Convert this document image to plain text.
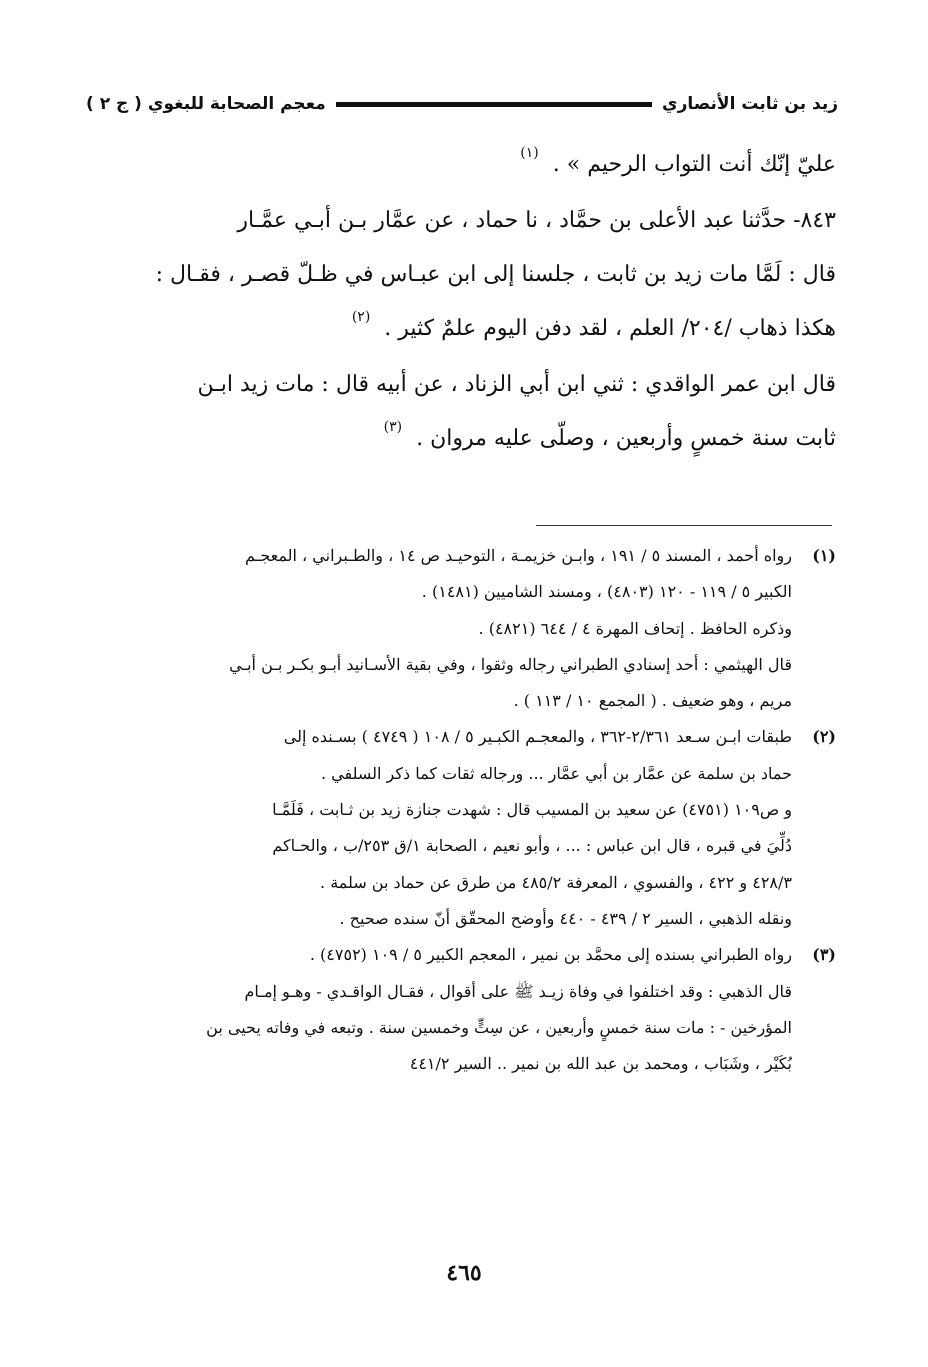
زيد بن ثابت الأنصاري
معجم الصحابة للبغوي ( ج ٢ )

عليّ إنّك أنت التواب الرحيم » .$^{(١)}$

٨٤٣- حدَّثنا عبد الأعلى بن حمَّاد ، نا حماد ، عن عمَّار بـن أبـي عمَّـار

قال : لَمَّا مات زيد بن ثابت ، جلسنا إلى ابن عبـاس في ظـلّ قصـر ، فقـال :

هكذا ذهاب /٢٠٤/ العلم ، لقد دفن اليوم علمٌ كثير .$^{(٢)}$

قال ابن عمر الواقدي : ثني ابن أبي الزناد ، عن أبيه قال : مات زيد ابـن

ثابت سنة خمسٍ وأربعين ، وصلّى عليه مروان .$^{(٣)}$

(١)
رواه أحمد ، المسند ٥ / ١٩١ ، وابـن خزيمـة ، التوحيـد ص ١٤ ، والطـبراني ، المعجـم
الكبير ٥ / ١١٩ - ١٢٠ (٤٨٠٣) ، ومسند الشاميين (١٤٨١) .
وذكره الحافظ . إتحاف المهرة ٤ / ٦٤٤ (٤٨٢١) .
قال الهيثمي : أحد إسنادي الطبراني رجاله وثقوا ، وفي بقية الأسـانيد أبـو بكـر بـن أبـي
مريم ، وهو ضعيف . ( المجمع ١٠ / ١١٣ ) .
(٢)
طبقات ابـن سـعد ٢/٣٦١-٣٦٢ ، والمعجـم الكبـير ٥ / ١٠٨ ( ٤٧٤٩ ) بسـنده إلى
حماد بن سلمة عن عمَّار بن أبي عمَّار ... ورجاله ثقات كما ذكر السلفي .
و ص١٠٩ (٤٧٥١) عن سعيد بن المسيب قال : شهدت جنازة زيد بن ثـابت ، فَلَمَّـا
دُلِّيَ في قبره ، قال ابن عباس : ... ، وأبو نعيم ، الصحابة ١/ق ٢٥٣/ب ، والحـاكم
٤٢٨/٣ و ٤٢٢ ، والفسوي ، المعرفة ٤٨٥/٢ من طرق عن حماد بن سلمة .
ونقله الذهبي ، السير ٢ / ٤٣٩ - ٤٤٠ وأوضح المحقّق أنّ سنده صحيح .
(٣)
رواه الطبراني بسنده إلى محمَّد بن نمير ، المعجم الكبير ٥ / ١٠٩ (٤٧٥٢) .
قال الذهبي : وقد اختلفوا في وفاة زيـد ﷺ على أقوال ، فقـال الواقـدي - وهـو إمـام
المؤرخين - : مات سنة خمسٍ وأربعين ، عن سِتٍّ وخمسين سنة . وتبعه في وفاته يحيى بن
بُكَيْر ، وشَبَاب ، ومحمد بن عبد الله بن نمير .. السير ٤٤١/٢
٤٦٥
